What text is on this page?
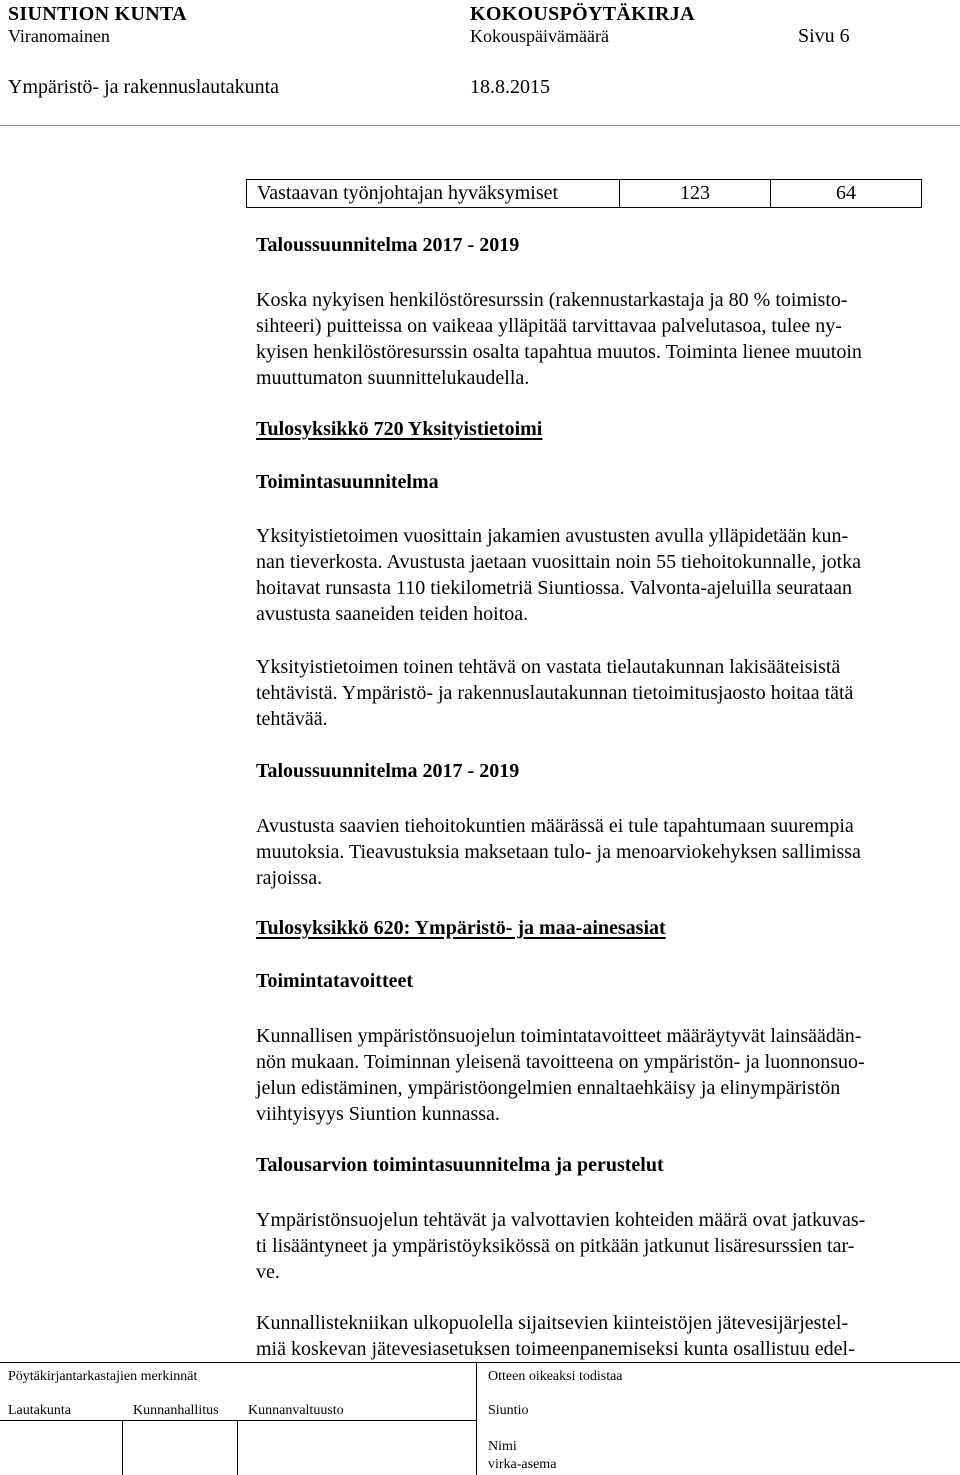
SIUNTION KUNTA	KOKOUSPÖYTÄKIRJA
Viranomainen	Kokouspäivämäärä	Sivu 6
Ympäristö- ja rakennuslautakunta	18.8.2015
Vastaavan työnjohtajan hyväksymiset	123	64
Taloussuunnitelma 2017 - 2019

Koska nykyisen henkilöstöresurssin (rakennustarkastaja ja 80 % toimisto-

sihteeri) puitteissa on vaikeaa ylläpitää tarvittavaa palvelutasoa, tulee ny-

kyisen henkilöstöresurssin osalta tapahtua muutos. Toiminta lienee muutoin

muuttumaton suunnittelukaudella.

Tulosyksikkö 720 Yksityistietoimi
Toimintasuunnitelma

Yksityistietoimen vuosittain jakamien avustusten avulla ylläpidetään kun-

nan tieverkosta. Avustusta jaetaan vuosittain noin 55 tiehoitokunnalle, jotka

hoitavat runsasta 110 tiekilometriä Siuntiossa. Valvonta-ajeluilla seurataan

avustusta saaneiden teiden hoitoa.

Yksityistietoimen toinen tehtävä on vastata tielautakunnan lakisääteisistä

tehtävistä. Ympäristö- ja rakennuslautakunnan tietoimitusjaosto hoitaa tätä

tehtävää.

Taloussuunnitelma 2017 - 2019

Avustusta saavien tiehoitokuntien määrässä ei tule tapahtumaan suurempia

muutoksia. Tieavustuksia maksetaan tulo- ja menoarviokehyksen sallimissa

rajoissa.

Tulosyksikkö 620: Ympäristö- ja maa-ainesasiat
Toimintatavoitteet

Kunnallisen ympäristönsuojelun toimintatavoitteet määräytyvät lainsäädän-

nön mukaan. Toiminnan yleisenä tavoitteena on ympäristön- ja luonnonsuo-

jelun edistäminen, ympäristöongelmien ennaltaehkäisy ja elinympäristön

viihtyisyys Siuntion kunnassa.

Talousarvion toimintasuunnitelma ja perustelut

Ympäristönsuojelun tehtävät ja valvottavien kohteiden määrä ovat jatkuvas-

ti lisääntyneet ja ympäristöyksikössä on pitkään jatkunut lisäresurssien tar-

ve.

Kunnallistekniikan ulkopuolella sijaitsevien kiinteistöjen jätevesijärjestel-

miä koskevan jätevesiasetuksen toimeenpanemiseksi kunta osallistuu edel-

Pöytäkirjantarkastajien merkinnät
Lautakunta	Kunnanhallitus Kunnanvaltuusto
Otteen oikeaksi todistaa
Siuntio
Nimi
virka-asema
